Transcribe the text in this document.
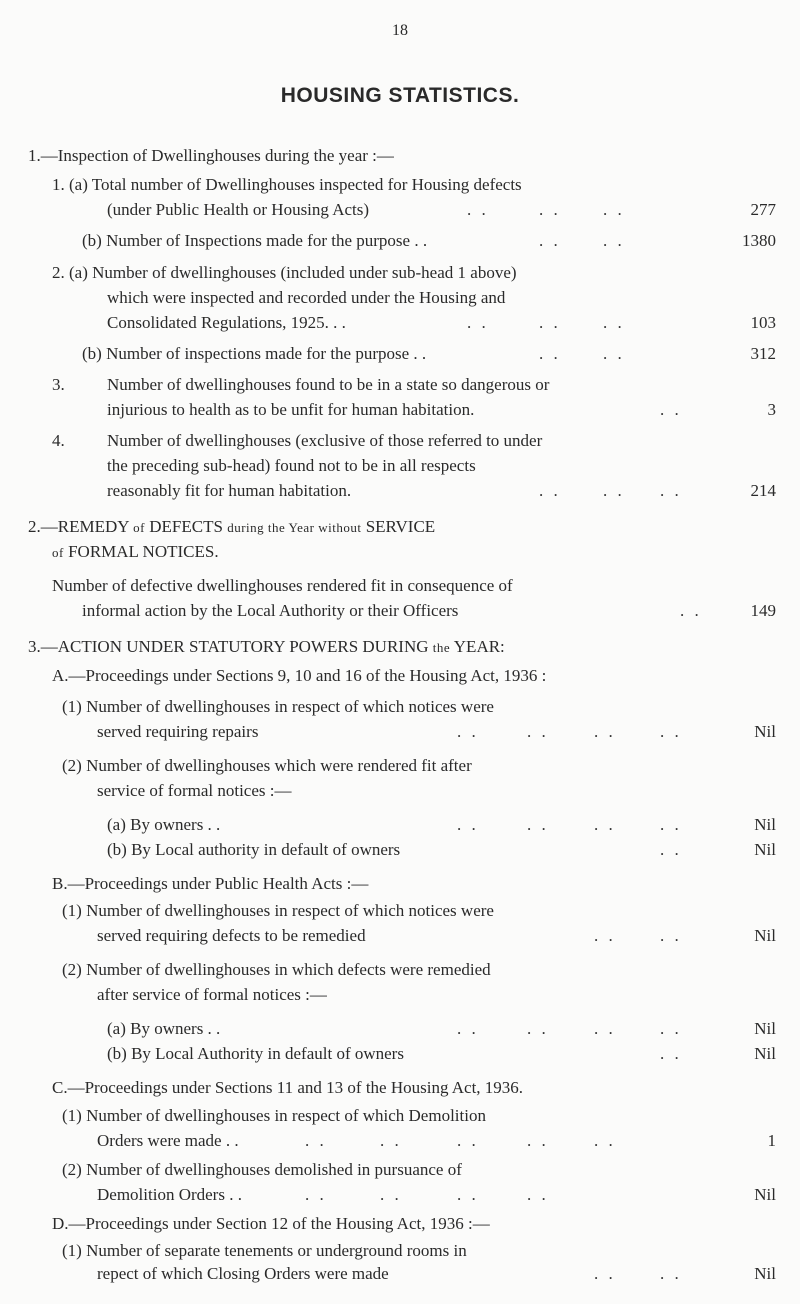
18
HOUSING STATISTICS.
1.—Inspection of Dwellinghouses during the year :—
1. (a) Total number of Dwellinghouses inspected for Housing defects
(under Public Health or Housing Acts)	. .	. . . .	277
(b) Number of Inspections made for the purpose . .	. . . .	1380
2. (a) Number of dwellinghouses (included under sub-head 1 above)
which were inspected and recorded under the Housing and
Consolidated Regulations, 1925. . .	. .	. . . .	103
(b) Number of inspections made for the purpose . .	. . . .	312
3. Number of dwellinghouses found to be in a state so dangerous or
injurious to health as to be unfit for human habitation.	. .	3
4. Number of dwellinghouses (exclusive of those referred to under
the preceding sub-head) found not to be in all respects
reasonably fit for human habitation.	. . . . . .	214
2.—REMEDY of DEFECTS during the Year without SERVICE
of FORMAL NOTICES.
Number of defective dwellinghouses rendered fit in consequence of
informal action by the Local Authority or their Officers	. .	149
3.—ACTION UNDER STATUTORY POWERS DURING the YEAR:
A.—Proceedings under Sections 9, 10 and 16 of the Housing Act, 1936 :
(1) Number of dwellinghouses in respect of which notices were
served requiring repairs	. .	. .	. .	. .	Nil
(2) Number of dwellinghouses which were rendered fit after
service of formal notices :—
(a) By owners . .	. .	. .	. .	. .	Nil
(b) By Local authority in default of owners	. .	Nil
B.—Proceedings under Public Health Acts :—
(1) Number of dwellinghouses in respect of which notices were
served requiring defects to be remedied	. .	. .	Nil
(2) Number of dwellinghouses in which defects were remedied
after service of formal notices :—
(a) By owners . .	. .	. .	. .	. .	Nil
(b) By Local Authority in default of owners	. .	Nil
C.—Proceedings under Sections 11 and 13 of the Housing Act, 1936.
(1) Number of dwellinghouses in respect of which Demolition
Orders were made . .	. .	. .	. .	. .	. .	1
(2) Number of dwellinghouses demolished in pursuance of
Demolition Orders . .	. .	. .	. .	. .	Nil
D.—Proceedings under Section 12 of the Housing Act, 1936 :—
(1) Number of separate tenements or underground rooms in
repect of which Closing Orders were made	. .	. .	Nil
